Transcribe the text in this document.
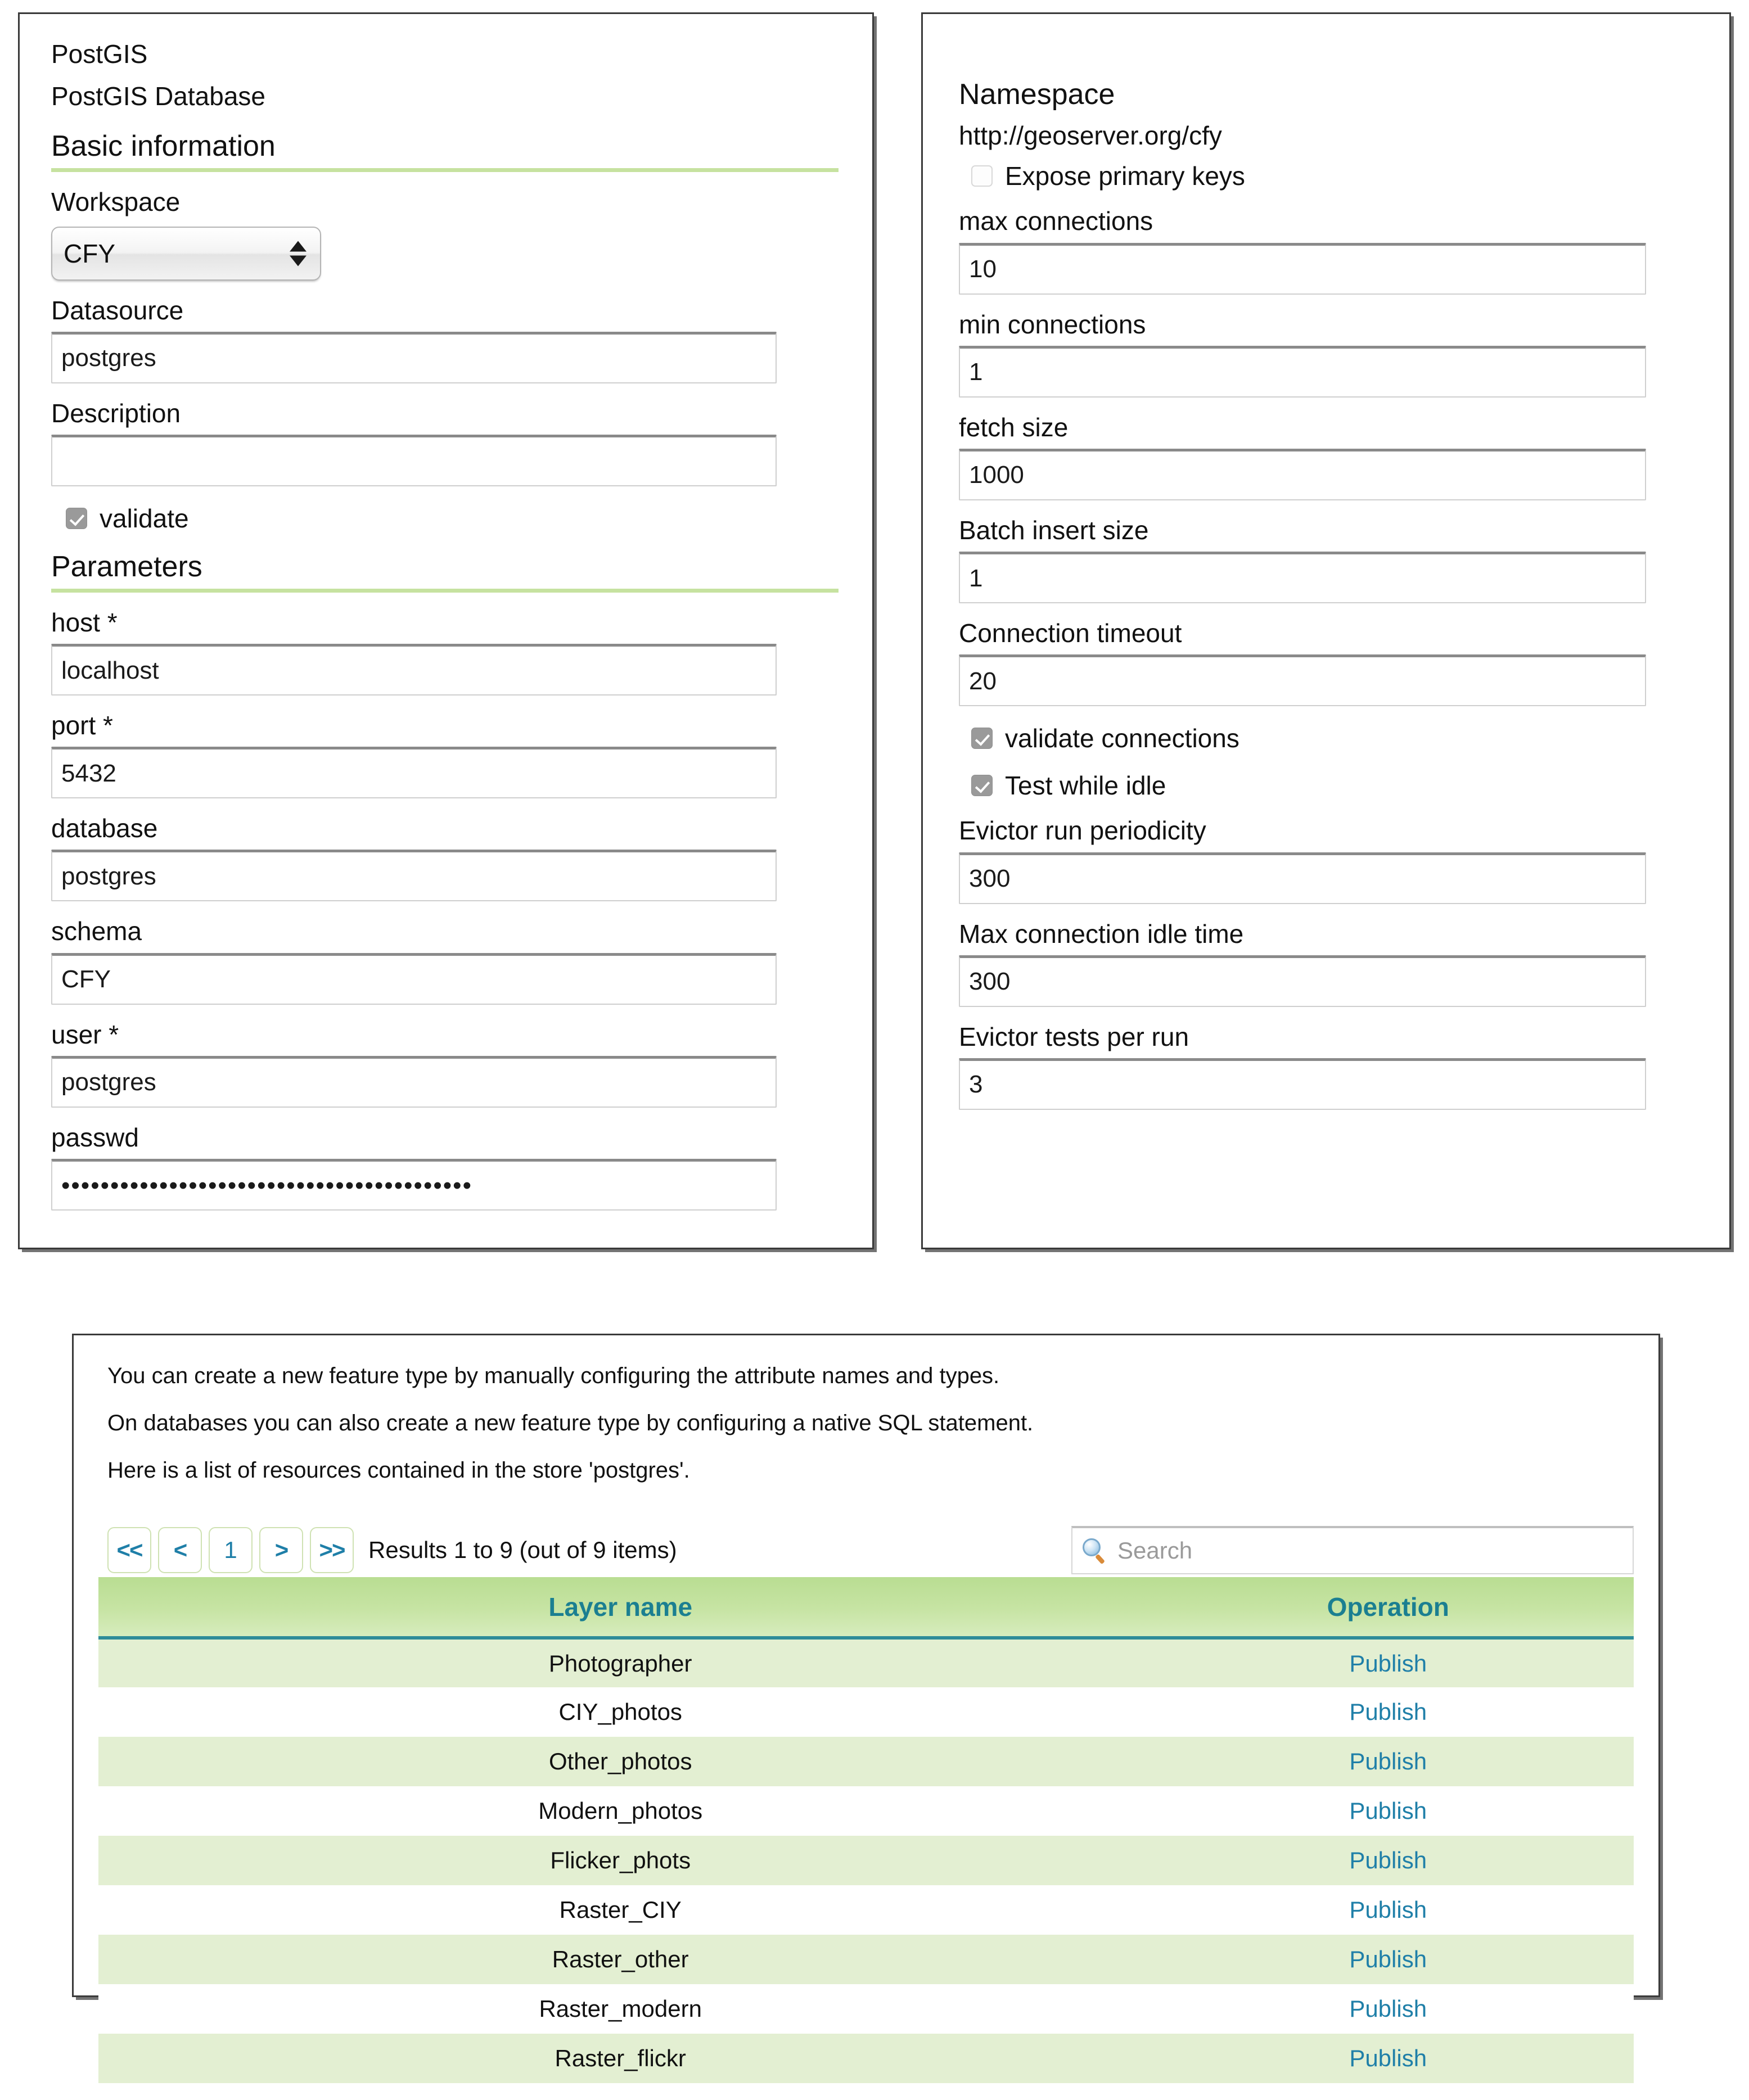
PostGIS
PostGIS Database
Basic information
Workspace
CFY
Datasource
postgres
Description
validate
Parameters
host *
localhost
port *
5432
database
postgres
schema
CFY
user *
postgres
passwd
••••••••••••••••••••••••••••••••••••••••••
Namespace
http://geoserver.org/cfy
Expose primary keys
max connections
10
min connections
1
fetch size
1000
Batch insert size
1
Connection timeout
20
validate connections
Test while idle
Evictor run periodicity
300
Max connection idle time
300
Evictor tests per run
3

You can create a new feature type by manually configuring the attribute names and types.

On databases you can also create a new feature type by configuring a native SQL statement.

Here is a list of resources contained in the store 'postgres'.

<<	<	1	>	>>	Results 1 to 9 (out of 9 items)	Search
Layer name	Operation
Photographer	Publish
CIY_photos	Publish
Other_photos	Publish
Modern_photos	Publish
Flicker_phots	Publish
Raster_CIY	Publish
Raster_other	Publish
Raster_modern	Publish
Raster_flickr	Publish
